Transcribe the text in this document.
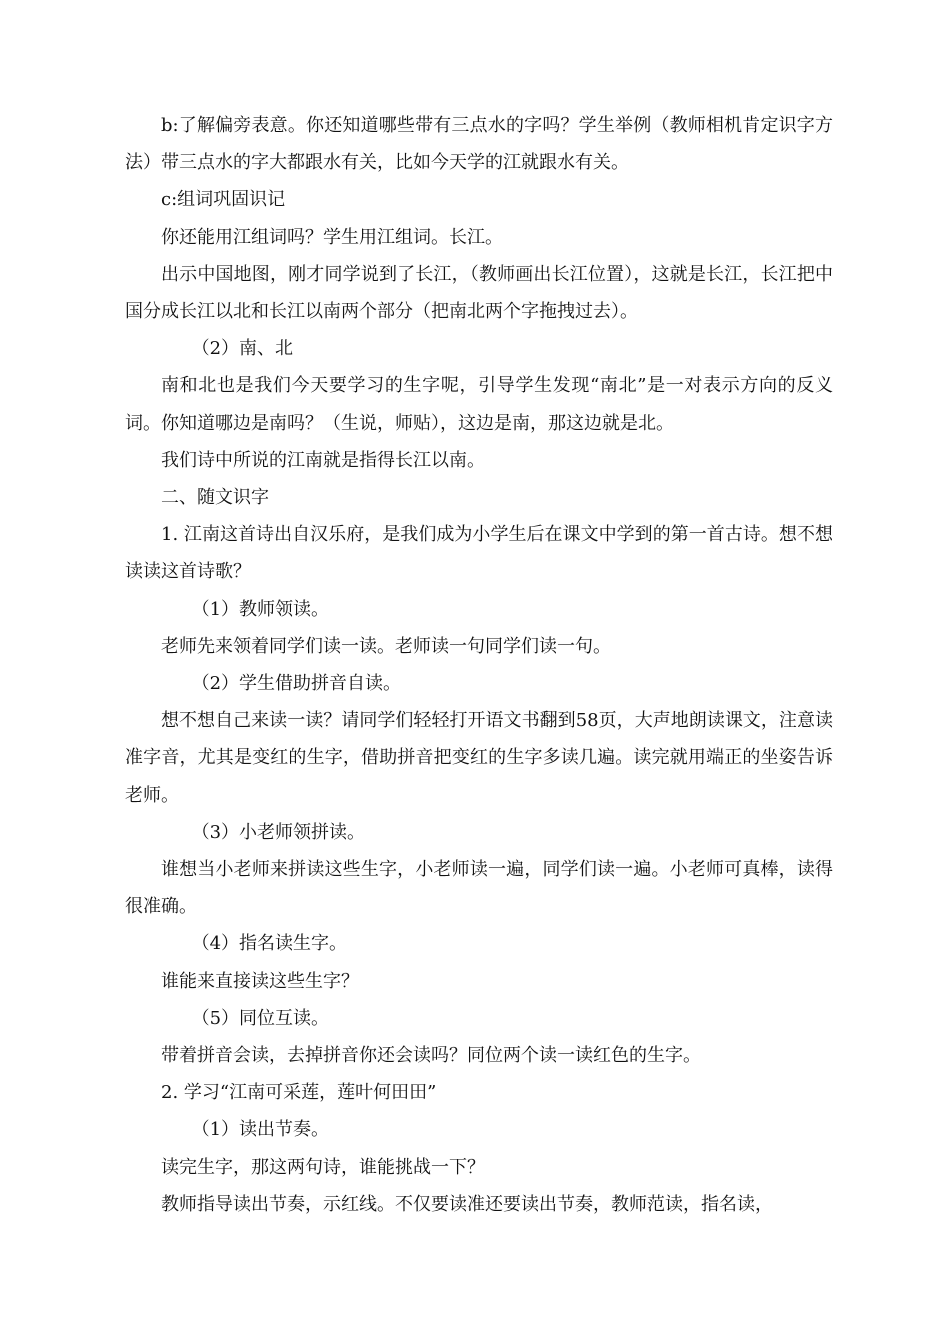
b:了解偏旁表意。你还知道哪些带有三点水的字吗？学生举例（教师相机肯定识字方法）带三点水的字大都跟水有关，比如今天学的江就跟水有关。

c:组词巩固识记

你还能用江组词吗？学生用江组词。长江。

出示中国地图，刚才同学说到了长江，（教师画出长江位置），这就是长江，长江把中国分成长江以北和长江以南两个部分（把南北两个字拖拽过去）。

（2）南、北

南和北也是我们今天要学习的生字呢，引导学生发现“南北”是一对表示方向的反义词。你知道哪边是南吗？（生说，师贴），这边是南，那这边就是北。

我们诗中所说的江南就是指得长江以南。

二、随文识字

1. 江南这首诗出自汉乐府，是我们成为小学生后在课文中学到的第一首古诗。想不想读读这首诗歌？

（1）教师领读。

老师先来领着同学们读一读。老师读一句同学们读一句。

（2）学生借助拼音自读。

想不想自己来读一读？请同学们轻轻打开语文书翻到58页，大声地朗读课文，注意读准字音，尤其是变红的生字，借助拼音把变红的生字多读几遍。读完就用端正的坐姿告诉老师。

（3）小老师领拼读。

谁想当小老师来拼读这些生字，小老师读一遍，同学们读一遍。小老师可真棒，读得很准确。

（4）指名读生字。

谁能来直接读这些生字？

（5）同位互读。

带着拼音会读，去掉拼音你还会读吗？同位两个读一读红色的生字。

2. 学习“江南可采莲，莲叶何田田”

（1）读出节奏。

读完生字，那这两句诗，谁能挑战一下？

教师指导读出节奏，示红线。不仅要读准还要读出节奏，教师范读，指名读，
